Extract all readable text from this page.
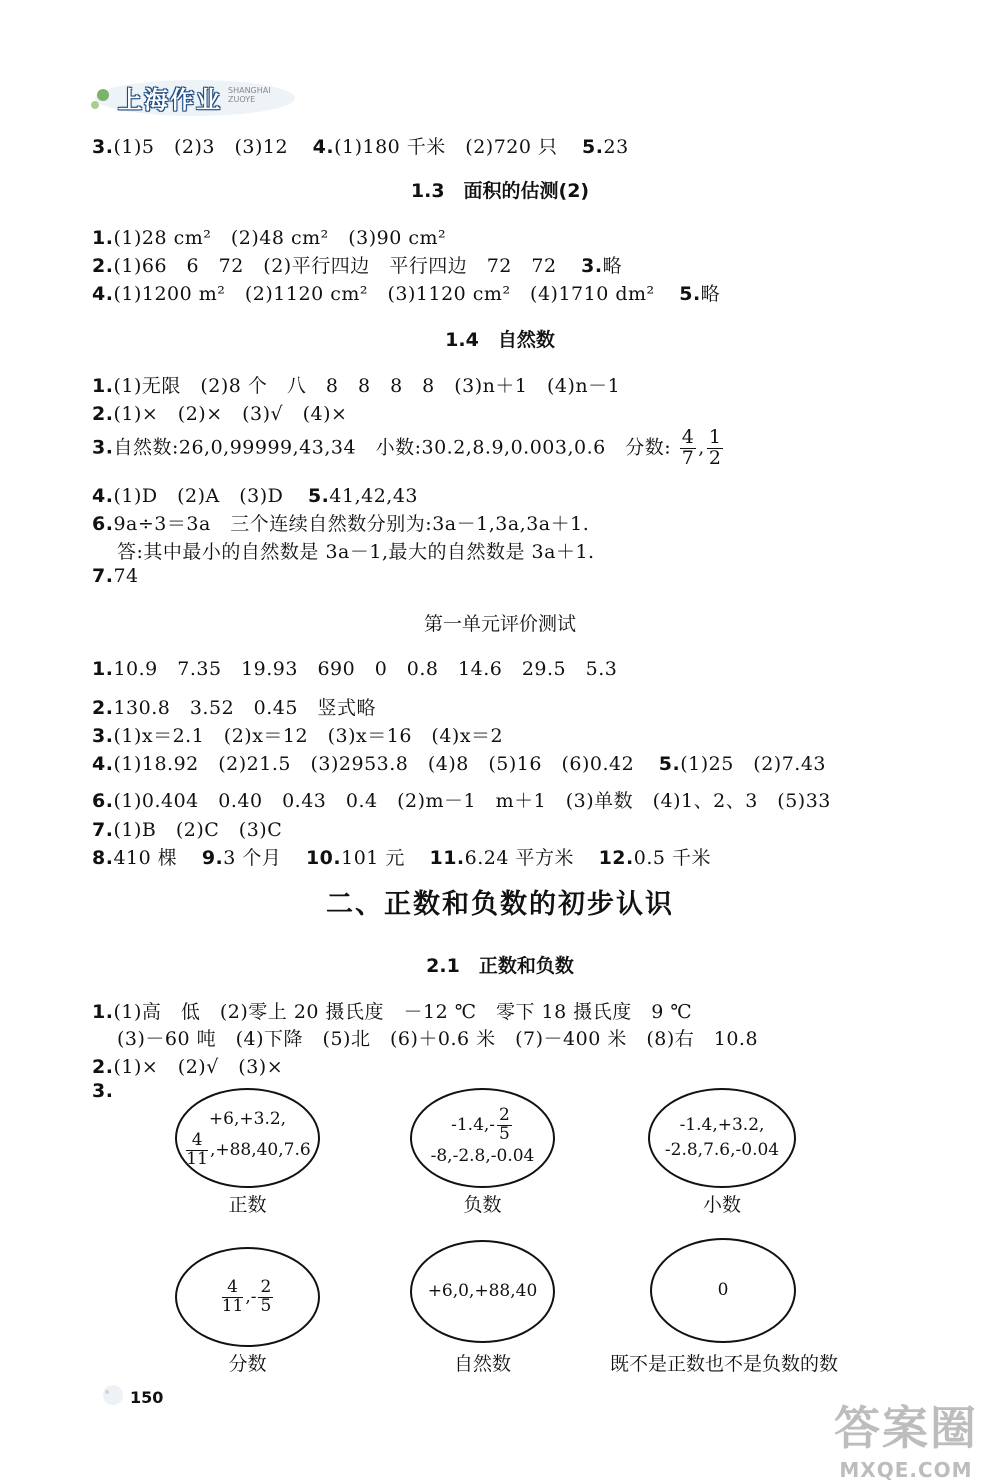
上海作业 SHANGHAI ZUOYE
3.(1)5　(2)3　(3)12 4.(1)180 千米　(2)720 只 5.23
1.3　面积的估测(2)
1.(1)28 cm²　(2)48 cm²　(3)90 cm²
2.(1)66　6　72　(2)平行四边　平行四边　72　72 3.略
4.(1)1200 m²　(2)1120 cm²　(3)1120 cm²　(4)1710 dm² 5.略
1.4　自然数
1.(1)无限　(2)8 个　八　8　8　8　8　(3)n＋1　(4)n－1
2.(1)×　(2)×　(3)√　(4)×
3.自然数:26,0,99999,43,34　小数:30.2,8.9,0.003,0.6　分数: $\frac{4}{7}$ , $\frac{1}{2}$
4.(1)D　(2)A　(3)D 5.41,42,43
6.9a÷3＝3a　三个连续自然数分别为:3a－1,3a,3a＋1.
答:其中最小的自然数是 3a－1,最大的自然数是 3a＋1.
7.74
第一单元评价测试
1.10.9　7.35　19.93　690　0　0.8　14.6　29.5　5.3
2.130.8　3.52　0.45　竖式略
3.(1)x＝2.1　(2)x＝12　(3)x＝16　(4)x＝2
4.(1)18.92　(2)21.5　(3)2953.8　(4)8　(5)16　(6)0.42 5.(1)25　(2)7.43
6.(1)0.404　0.40　0.43　0.4　(2)m－1　m＋1　(3)单数　(4)1、2、3　(5)33
7.(1)B　(2)C　(3)C
8.410 棵 9.3 个月 10.101 元 11.6.24 平方米 12.0.5 千米
二、正数和负数的初步认识
2.1　正数和负数
1.(1)高　低　(2)零上 20 摄氏度　－12 ℃　零下 18 摄氏度　9 ℃
(3)－60 吨　(4)下降　(5)北　(6)＋0.6 米　(7)－400 米　(8)右　10.8
2.(1)×　(2)√　(3)×
3.
+6,+3.2,
$\frac{4}{11} ,+88,40,7.6$
正数
$-1.4,- \frac{2}{5}$
-8,-2.8,-0.04
负数
-1.4,+3.2,
-2.8,7.6,-0.04
小数
$\frac{4}{11}$ ,- $\frac{2}{5}$
分数
+6,0,+88,40
自然数
0
既不是正数也不是负数的数
150
答案圈
MXQE.COM
